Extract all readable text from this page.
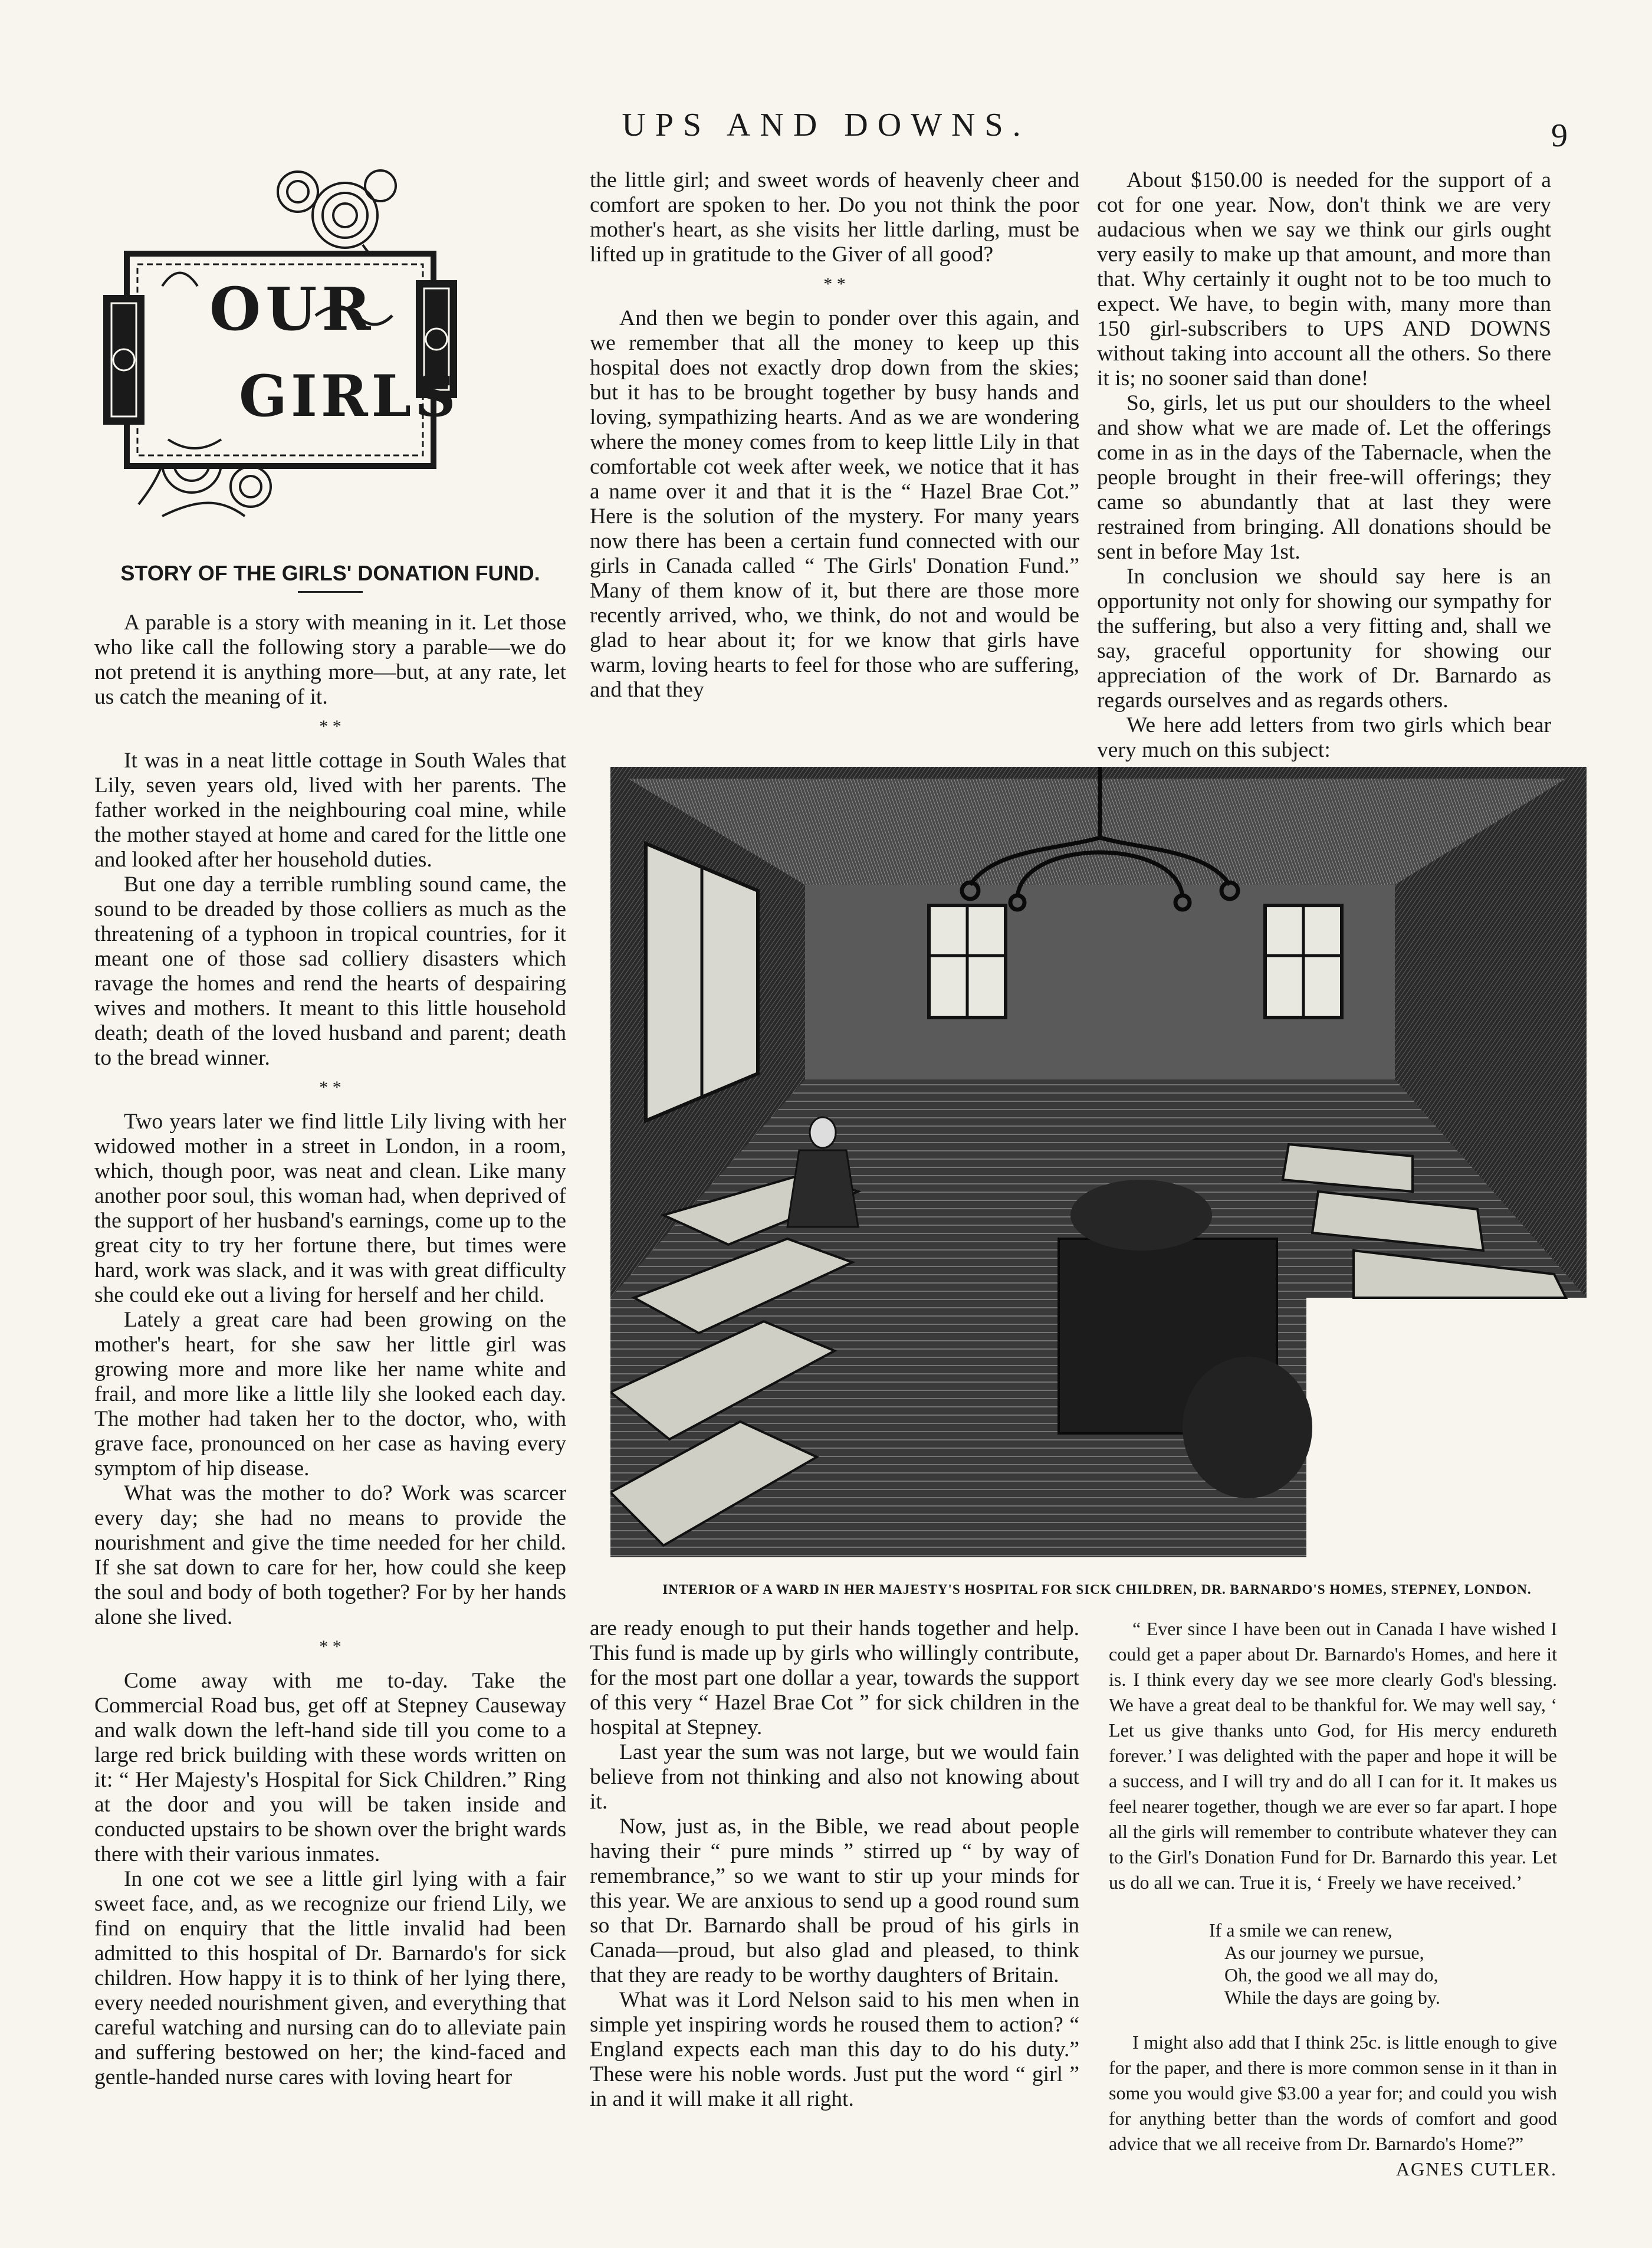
UPS AND DOWNS.	9
OUR
GIRLS
STORY OF THE GIRLS' DONATION FUND.

A parable is a story with meaning in it. Let those who like call the following story a parable—we do not pretend it is anything more—but, at any rate, let us catch the meaning of it.

* *

It was in a neat little cottage in South Wales that Lily, seven years old, lived with her parents. The father worked in the neighbouring coal mine, while the mother stayed at home and cared for the little one and looked after her household duties.

But one day a terrible rumbling sound came, the sound to be dreaded by those colliers as much as the threatening of a typhoon in tropical countries, for it meant one of those sad colliery disasters which ravage the homes and rend the hearts of despairing wives and mothers. It meant to this little household death; death of the loved husband and parent; death to the bread winner.

* *

Two years later we find little Lily living with her widowed mother in a street in London, in a room, which, though poor, was neat and clean. Like many another poor soul, this woman had, when deprived of the support of her husband's earnings, come up to the great city to try her fortune there, but times were hard, work was slack, and it was with great difficulty she could eke out a living for herself and her child.

Lately a great care had been growing on the mother's heart, for she saw her little girl was growing more and more like her name white and frail, and more like a little lily she looked each day. The mother had taken her to the doctor, who, with grave face, pronounced on her case as having every symptom of hip disease.

What was the mother to do? Work was scarcer every day; she had no means to provide the nourishment and give the time needed for her child. If she sat down to care for her, how could she keep the soul and body of both together? For by her hands alone she lived.

* *

Come away with me to-day. Take the Commercial Road bus, get off at Stepney Causeway and walk down the left-hand side till you come to a large red brick building with these words written on it: “ Her Majesty's Hospital for Sick Children.” Ring at the door and you will be taken inside and conducted upstairs to be shown over the bright wards there with their various inmates.

In one cot we see a little girl lying with a fair sweet face, and, as we recognize our friend Lily, we find on enquiry that the little invalid had been admitted to this hospital of Dr. Barnardo's for sick children. How happy it is to think of her lying there, every needed nourishment given, and everything that careful watching and nursing can do to alleviate pain and suffering bestowed on her; the kind-faced and gentle-handed nurse cares with loving heart for

the little girl; and sweet words of heavenly cheer and comfort are spoken to her. Do you not think the poor mother's heart, as she visits her little darling, must be lifted up in gratitude to the Giver of all good?

* *

And then we begin to ponder over this again, and we remember that all the money to keep up this hospital does not exactly drop down from the skies; but it has to be brought together by busy hands and loving, sympathizing hearts. And as we are wondering where the money comes from to keep little Lily in that comfortable cot week after week, we notice that it has a name over it and that it is the “ Hazel Brae Cot.” Here is the solution of the mystery. For many years now there has been a certain fund connected with our girls in Canada called “ The Girls' Donation Fund.” Many of them know of it, but there are those more recently arrived, who, we think, do not and would be glad to hear about it; for we know that girls have warm, loving hearts to feel for those who are suffering, and that they

About $150.00 is needed for the support of a cot for one year. Now, don't think we are very audacious when we say we think our girls ought very easily to make up that amount, and more than that. Why certainly it ought not to be too much to expect. We have, to begin with, many more than 150 girl-subscribers to UPS AND DOWNS without taking into account all the others. So there it is; no sooner said than done!

So, girls, let us put our shoulders to the wheel and show what we are made of. Let the offerings come in as in the days of the Tabernacle, when the people brought in their free-will offerings; they came so abundantly that at last they were restrained from bringing. All donations should be sent in before May 1st.

In conclusion we should say here is an opportunity not only for showing our sympathy for the suffering, but also a very fitting and, shall we say, graceful opportunity for showing our appreciation of the work of Dr. Barnardo as regards ourselves and as regards others.

We here add letters from two girls which bear very much on this subject:

INTERIOR OF A WARD IN HER MAJESTY'S HOSPITAL FOR SICK CHILDREN, DR. BARNARDO'S HOMES, STEPNEY, LONDON.

are ready enough to put their hands together and help. This fund is made up by girls who willingly contribute, for the most part one dollar a year, towards the support of this very “ Hazel Brae Cot ” for sick children in the hospital at Stepney.

Last year the sum was not large, but we would fain believe from not thinking and also not knowing about it.

Now, just as, in the Bible, we read about people having their “ pure minds ” stirred up “ by way of remembrance,” so we want to stir up your minds for this year. We are anxious to send up a good round sum so that Dr. Barnardo shall be proud of his girls in Canada—proud, but also glad and pleased, to think that they are ready to be worthy daughters of Britain.

What was it Lord Nelson said to his men when in simple yet inspiring words he roused them to action? “ England expects each man this day to do his duty.” These were his noble words. Just put the word “ girl ” in and it will make it all right.

“ Ever since I have been out in Canada I have wished I could get a paper about Dr. Barnardo's Homes, and here it is. I think every day we see more clearly God's blessing. We have a great deal to be thankful for. We may well say, ‘ Let us give thanks unto God, for His mercy endureth forever.’ I was delighted with the paper and hope it will be a success, and I will try and do all I can for it. It makes us feel nearer together, though we are ever so far apart. I hope all the girls will remember to contribute whatever they can to the Girl's Donation Fund for Dr. Barnardo this year. Let us do all we can. True it is, ‘ Freely we have received.’

If a smile we can renew,
As our journey we pursue,
Oh, the good we all may do,
While the days are going by.

I might also add that I think 25c. is little enough to give for the paper, and there is more common sense in it than in some you would give $3.00 a year for; and could you wish for anything better than the words of comfort and good advice that we all receive from Dr. Barnardo's Home?”

AGNES CUTLER.
